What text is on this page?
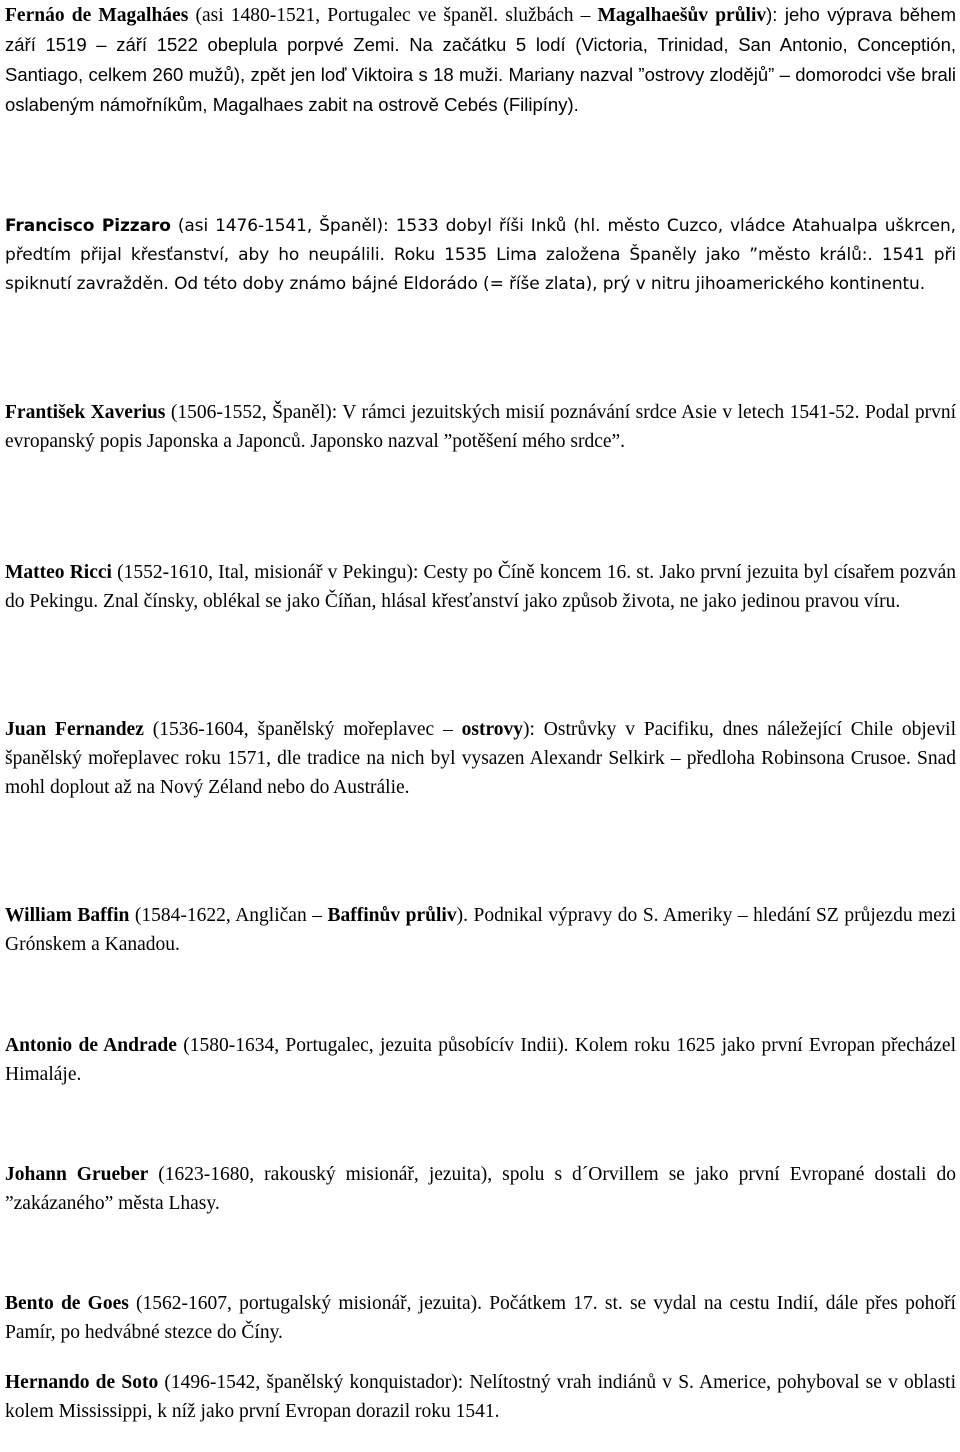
Fernáo de Magalháes (asi 1480-1521, Portugalec ve španěl. službách – Magalhaešův průliv): jeho výprava během září 1519 – září 1522 obeplula porpvé Zemi. Na začátku 5 lodí (Victoria, Trinidad, San Antonio, Conceptión, Santiago, celkem 260 mužů), zpět jen loď Viktoira s 18 muži. Mariany nazval ”ostrovy zlodějů” – domorodci vše brali oslabeným námořníkům, Magalhaes zabit na ostrově Cebés (Filipíny).

Francisco Pizzaro (asi 1476-1541, Španěl): 1533 dobyl říši Inků (hl. město Cuzco, vládce Atahualpa uškrcen, předtím přijal křesťanství, aby ho neupálili. Roku 1535 Lima založena Španěly jako ”město králů:. 1541 při spiknutí zavražděn. Od této doby známo bájné Eldorádo (= říše zlata), prý v nitru jihoamerického kontinentu.

František Xaverius (1506-1552, Španěl): V rámci jezuitských misií poznávání srdce Asie v letech 1541-52. Podal první evropanský popis Japonska a Japonců. Japonsko nazval ”potěšení mého srdce”.

Matteo Ricci (1552-1610, Ital, misionář v Pekingu): Cesty po Číně koncem 16. st. Jako první jezuita byl císařem pozván do Pekingu. Znal čínsky, oblékal se jako Číňan, hlásal křesťanství jako způsob života, ne jako jedinou pravou víru.

Juan Fernandez (1536-1604, španělský mořeplavec – ostrovy): Ostrůvky v Pacifiku, dnes náležející Chile objevil španělský mořeplavec roku 1571, dle tradice na nich byl vysazen Alexandr Selkirk – předloha Robinsona Crusoe. Snad mohl doplout až na Nový Zéland nebo do Austrálie.

William Baffin (1584-1622, Angličan – Baffinův průliv). Podnikal výpravy do S. Ameriky – hledání SZ průjezdu mezi Grónskem a Kanadou.

Antonio de Andrade (1580-1634, Portugalec, jezuita působícív Indii). Kolem roku 1625 jako první Evropan přecházel Himaláje.

Johann Grueber (1623-1680, rakouský misionář, jezuita), spolu s d´Orvillem se jako první Evropané dostali do ”zakázaného” města Lhasy.

Bento de Goes (1562-1607, portugalský misionář, jezuita). Počátkem 17. st. se vydal na cestu Indií, dále přes pohoří Pamír, po hedvábné stezce do Číny.

Hernando de Soto (1496-1542, španělský konquistador): Nelítostný vrah indiánů v S. Americe, pohyboval se v oblasti kolem Mississippi, k níž jako první Evropan dorazil roku 1541.
